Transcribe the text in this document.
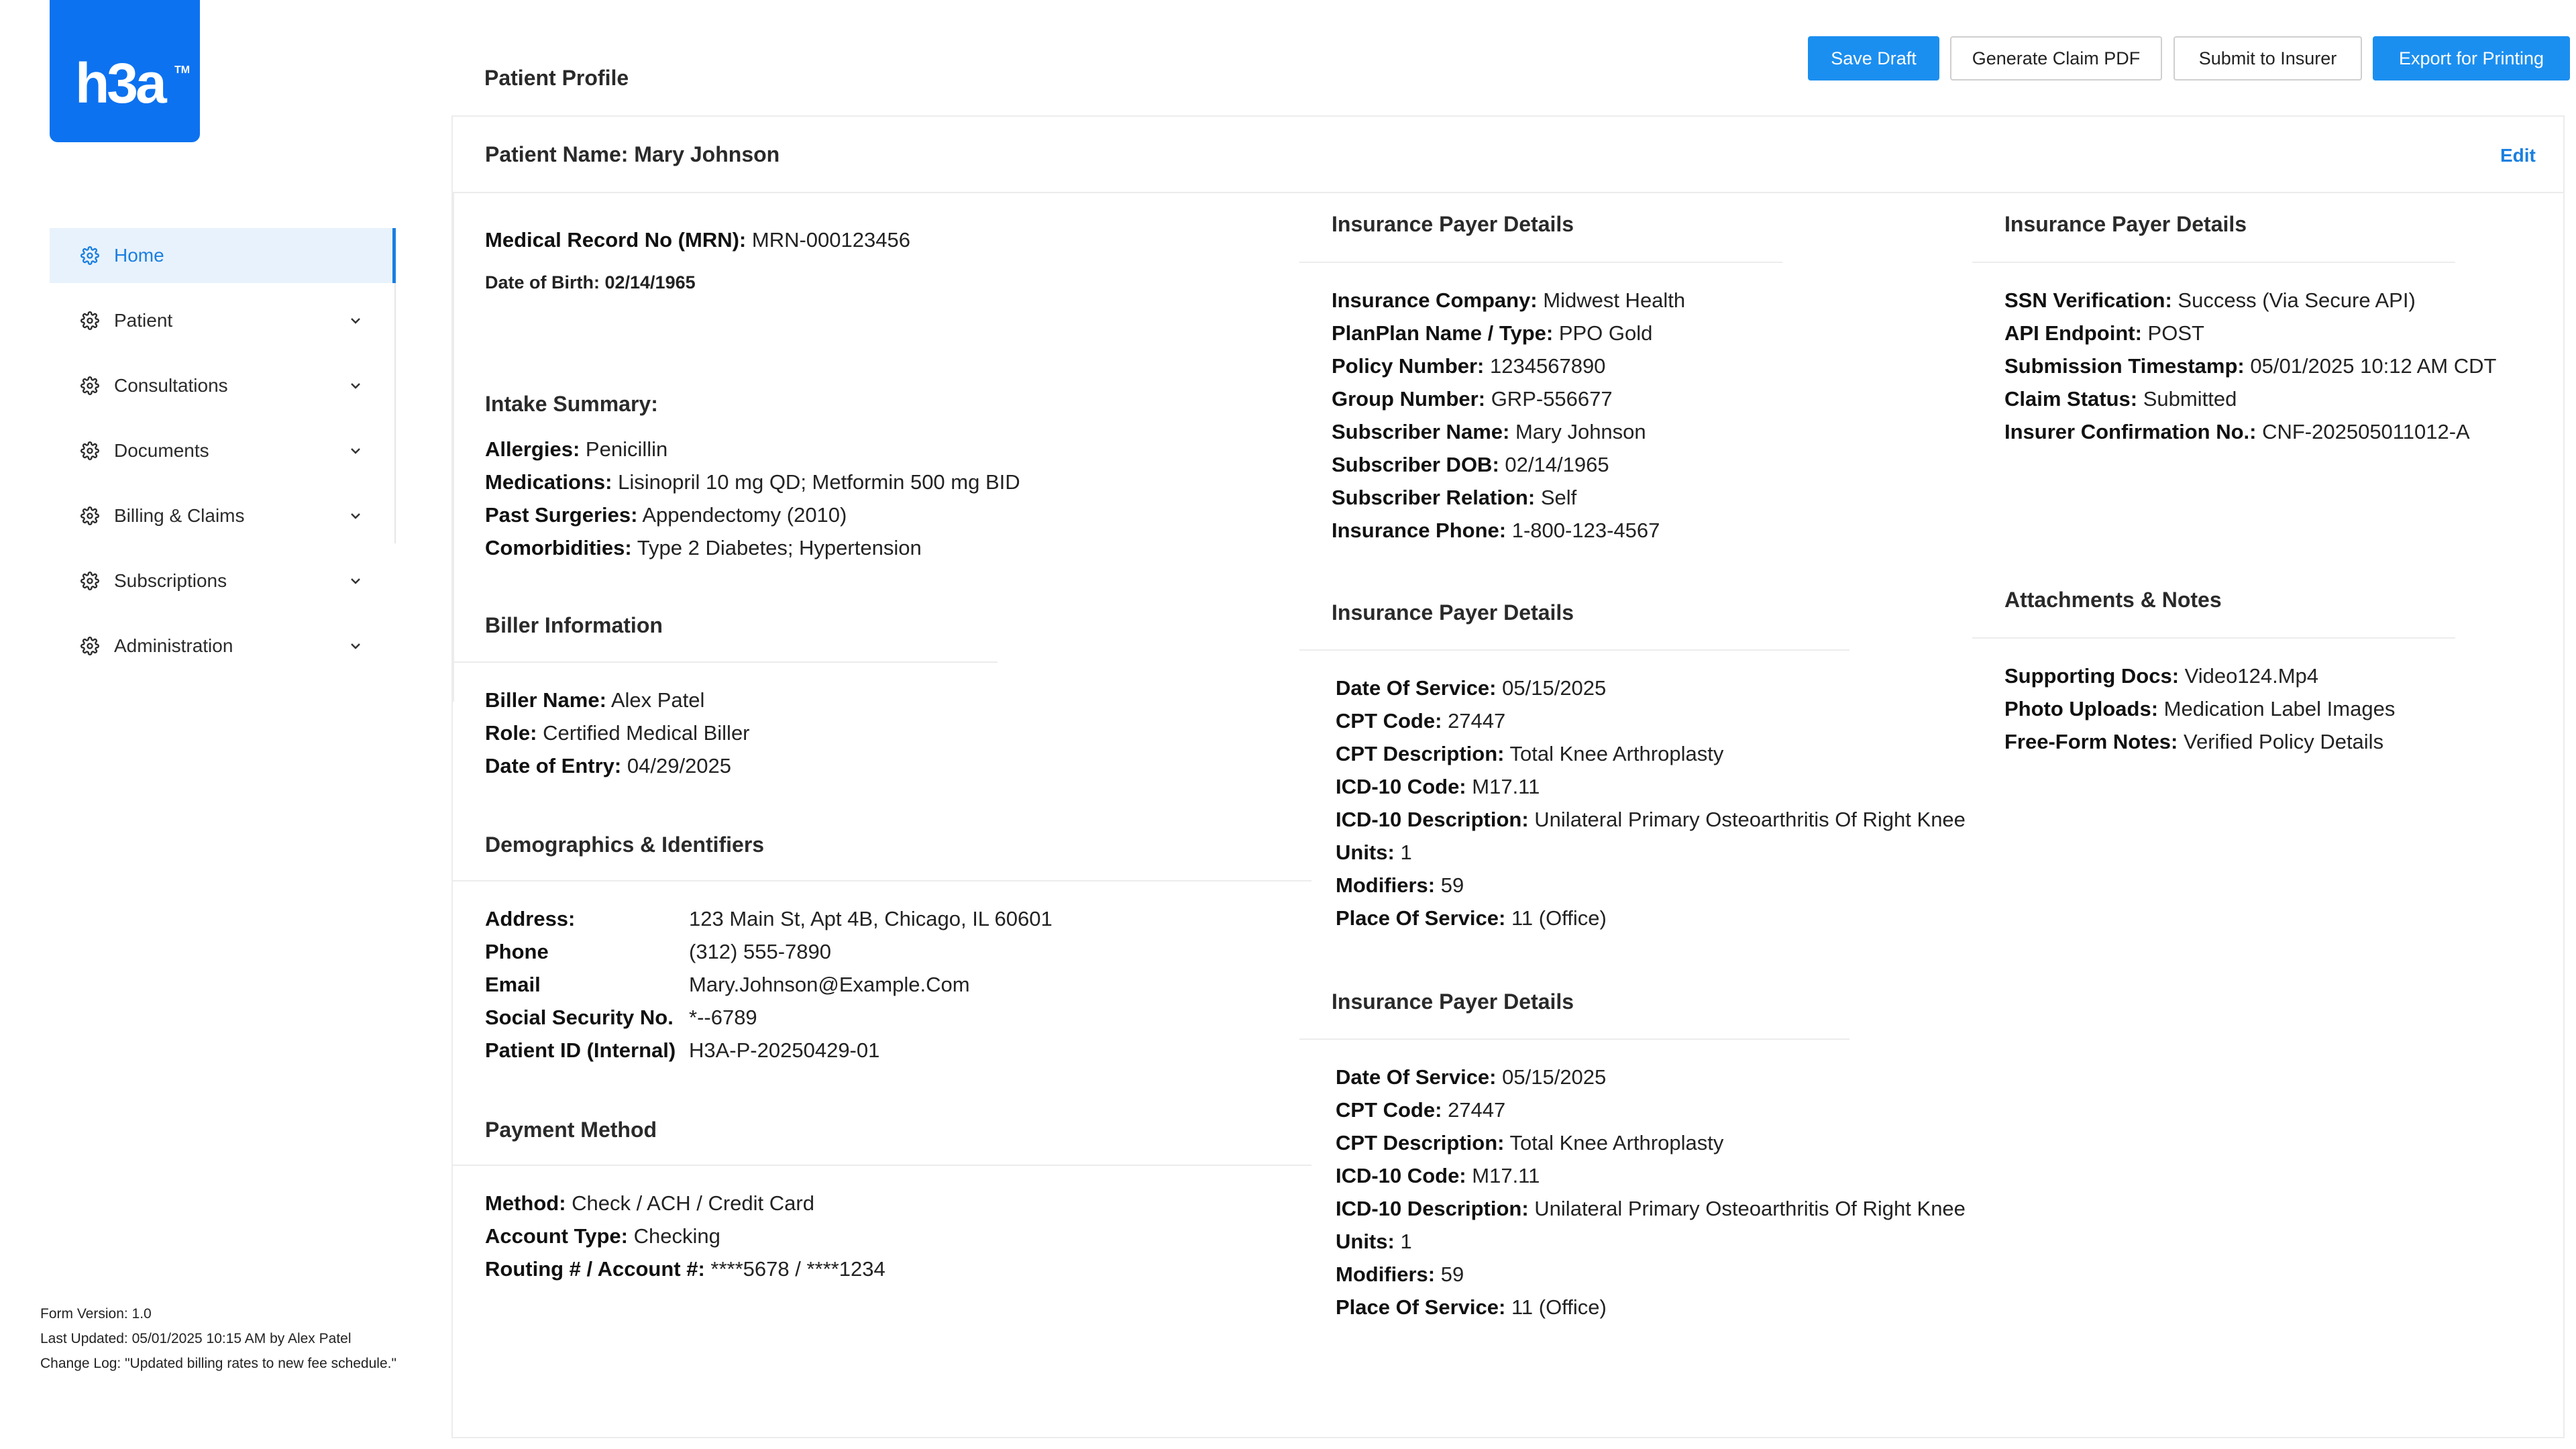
h3a TM
Home
Patient
Consultations
Documents
Billing & Claims
Subscriptions
Administration
Form Version: 1.0
Last Updated: 05/01/2025 10:15 AM by Alex Patel
Change Log: "Updated billing rates to new fee schedule."
Save Draft	Generate Claim PDF	Submit to Insurer	Export for Printing
Patient Profile
Patient Name: Mary Johnson	Edit
Medical Record No (MRN): MRN-000123456
Date of Birth: 02/14/1965
Intake Summary:
Allergies: Penicillin
Medications: Lisinopril 10 mg QD; Metformin 500 mg BID
Past Surgeries: Appendectomy (2010)
Comorbidities: Type 2 Diabetes; Hypertension
Biller Information
Biller Name: Alex Patel
Role: Certified Medical Biller
Date of Entry: 04/29/2025
Demographics & Identifiers
Address:	123 Main St, Apt 4B, Chicago, IL 60601
Phone	(312) 555-7890
Email	Mary.Johnson@Example.Com
Social Security No. *--6789
Patient ID (Internal) H3A-P-20250429-01
Payment Method
Method: Check / ACH / Credit Card
Account Type: Checking
Routing # / Account #: ****5678 / ****1234
Insurance Payer Details
Insurance Company: Midwest Health
PlanPlan Name / Type: PPO Gold
Policy Number: 1234567890
Group Number: GRP-556677
Subscriber Name: Mary Johnson
Subscriber DOB: 02/14/1965
Subscriber Relation: Self
Insurance Phone: 1-800-123-4567
Insurance Payer Details
Date Of Service: 05/15/2025
CPT Code: 27447
CPT Description: Total Knee Arthroplasty
ICD-10 Code: M17.11
ICD-10 Description: Unilateral Primary Osteoarthritis Of Right Knee
Units: 1
Modifiers: 59
Place Of Service: 11 (Office)
Insurance Payer Details
Date Of Service: 05/15/2025
CPT Code: 27447
CPT Description: Total Knee Arthroplasty
ICD-10 Code: M17.11
ICD-10 Description: Unilateral Primary Osteoarthritis Of Right Knee
Units: 1
Modifiers: 59
Place Of Service: 11 (Office)
Insurance Payer Details
SSN Verification: Success (Via Secure API)
API Endpoint: POST
Submission Timestamp: 05/01/2025 10:12 AM CDT
Claim Status: Submitted
Insurer Confirmation No.: CNF-202505011012-A
Attachments & Notes
Supporting Docs: Video124.Mp4
Photo Uploads: Medication Label Images
Free-Form Notes: Verified Policy Details
